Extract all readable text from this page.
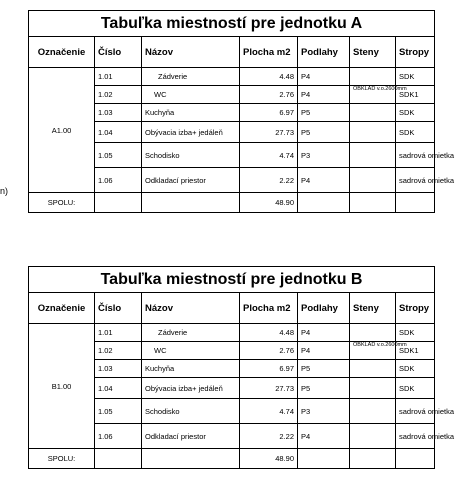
n)
Tabuľka miestností pre jednotku A						
Označenie	Číslo	Názov	Plocha m2	Podlahy	Steny	Stropy
A1.00	1.01	Zádverie	4.48	P4		SDK
	1.02	WC	2.76	P4	OBKLAD v.o.2600mm	SDK1
	1.03	Kuchyňa	6.97	P5		SDK
	1.04	Obývacia izba+ jedáleň	27.73	P5		SDK
	1.05	Schodisko	4.74	P3		sadrová omietka
	1.06	Odkladací priestor	2.22	P4		sadrová omietka
SPOLU:			48.90			
Tabuľka miestností pre jednotku B						
Označenie	Číslo	Názov	Plocha m2	Podlahy	Steny	Stropy
B1.00	1.01	Zádverie	4.48	P4		SDK
	1.02	WC	2.76	P4	OBKLAD v.o.2600mm	SDK1
	1.03	Kuchyňa	6.97	P5		SDK
	1.04	Obývacia izba+ jedáleň	27.73	P5		SDK
	1.05	Schodisko	4.74	P3		sadrová omietka
	1.06	Odkladací priestor	2.22	P4		sadrová omietka
SPOLU:			48.90			
